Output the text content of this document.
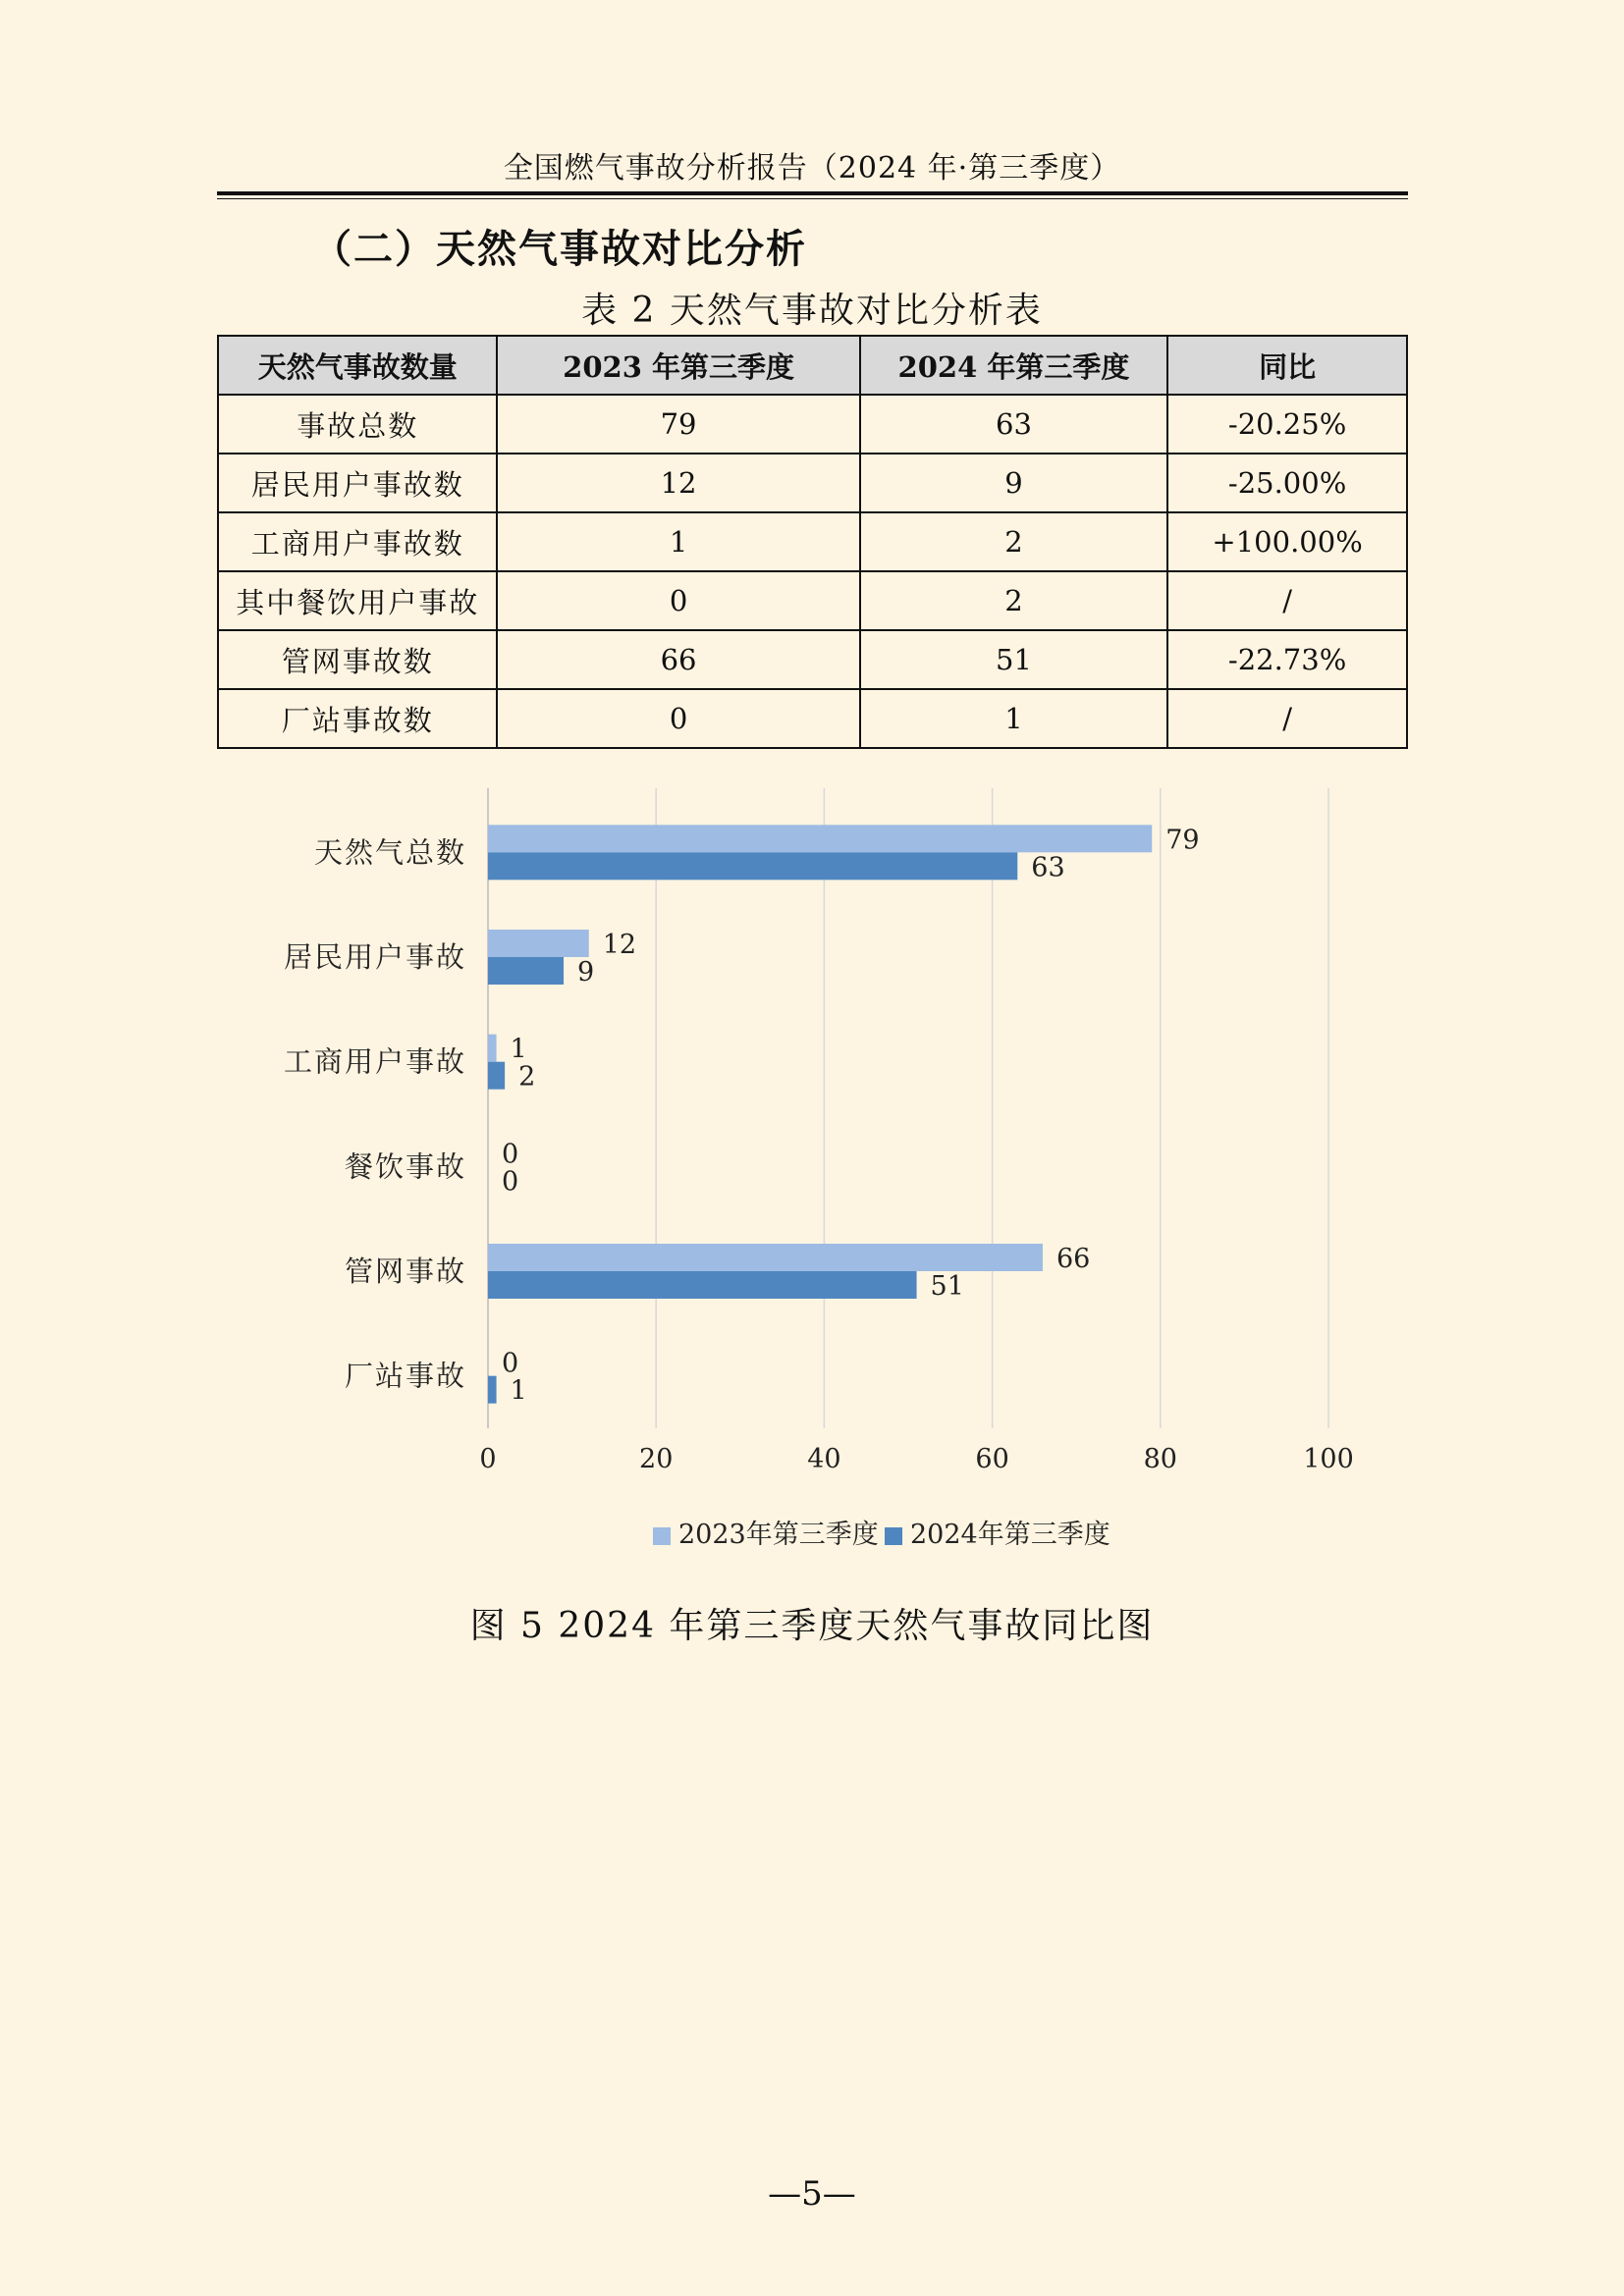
全国燃气事故分析报告（2024 年·第三季度）
（二）天然气事故对比分析
表 2 天然气事故对比分析表
天然气事故数量	2023 年第三季度	2024 年第三季度	同比
事故总数	79	63	-20.25%
居民用户事故数	12	9	-25.00%
工商用户事故数	1	2	+100.00%
其中餐饮用户事故	0	2	/
管网事故数	66	51	-22.73%
厂站事故数	0	1	/
0	20	40	60	80	100
天然气总数	79
63
居民用户事故	12
9
工商用户事故 1
2
餐饮事故 0
0
管网事故	66
51
厂站事故 0
1
2023年第三季度 2024年第三季度
图 5 2024 年第三季度天然气事故同比图
—5—
